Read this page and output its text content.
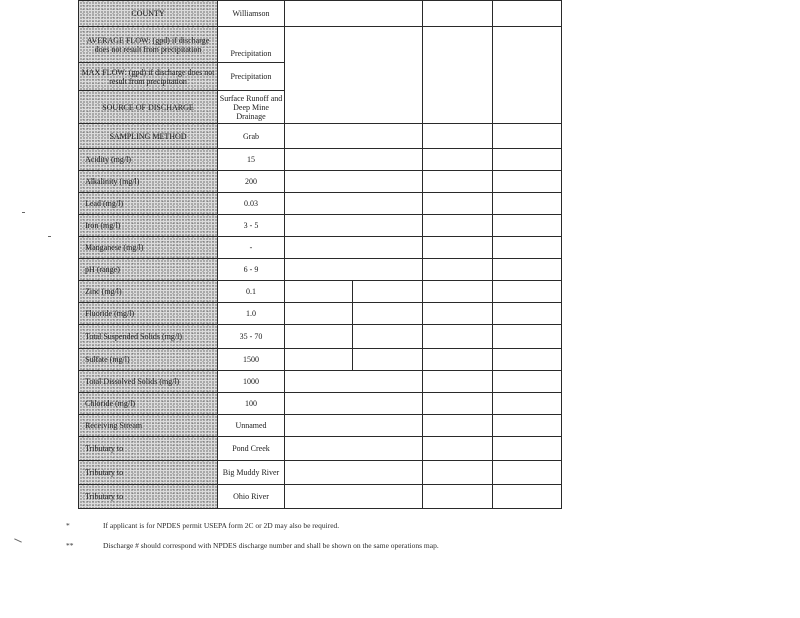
COUNTY	Williamson				
AVERAGE FLOW: (gpd) if discharge does not result from precipitation	Precipitation				
MAX FLOW: (gpd) if discharge does not result from precipitation	Precipitation				
SOURCE OF DISCHARGE	Surface Runoff and Deep Mine Drainage				
SAMPLING METHOD	Grab				
Acidity (mg/l)	15				
Alkalinity (mg/l)	200				
Lead (mg/l)	0.03				
Iron (mg/l)	3 - 5				
Manganese (mg/l)	-				
pH (range)	6 - 9				
Zinc (mg/l)	0.1				
Fluoride (mg/l)	1.0				
Total Suspended Solids (mg/l)	35 - 70				
Sulfate (mg/l)	1500				
Total Dissolved Solids (mg/l)	1000				
Chloride (mg/l)	100				
Receiving Stream	Unnamed				
Tributary to	Pond Creek				
Tributary to	Big Muddy River				
Tributary to	Ohio River				
*	If applicant is for NPDES permit USEPA form 2C or 2D may also be required.
**	Discharge # should correspond with NPDES discharge number and shall be shown on the same operations map.
